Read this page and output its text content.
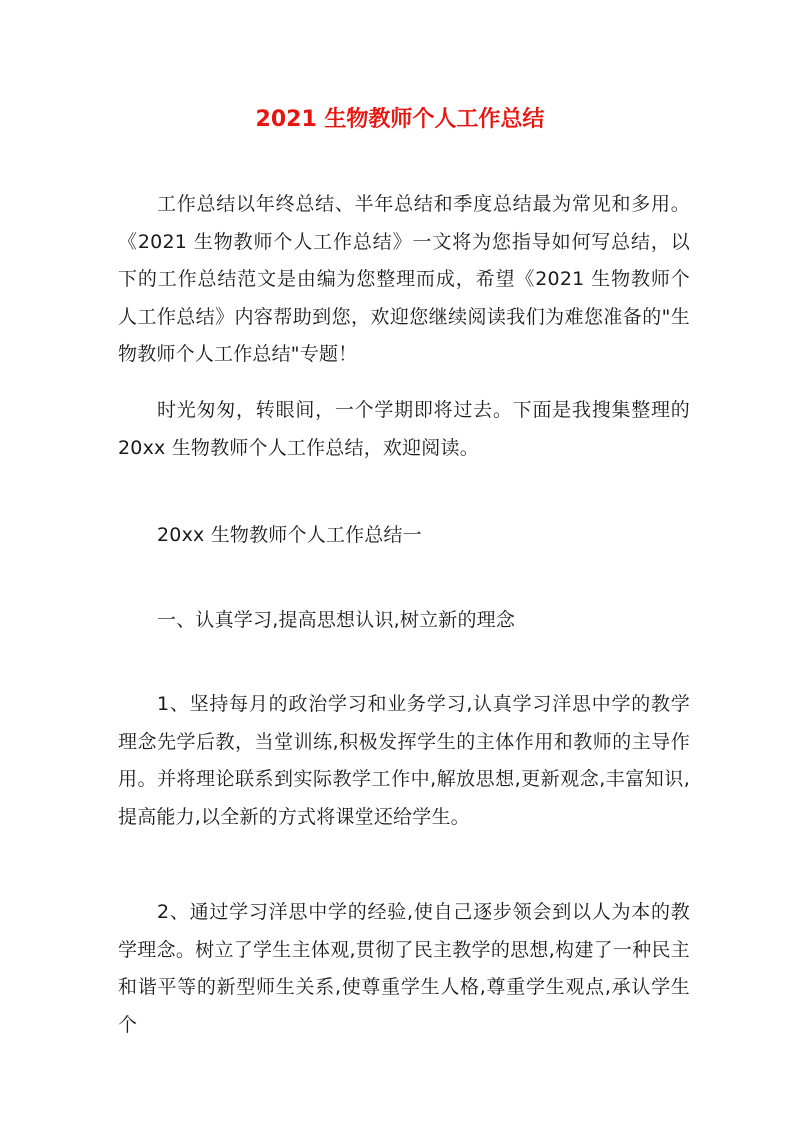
2021 生物教师个人工作总结

工作总结以年终总结、半年总结和季度总结最为常见和多用。《2021 生物教师个人工作总结》一文将为您指导如何写总结，以下的工作总结范文是由编为您整理而成，希望《2021 生物教师个人工作总结》内容帮助到您，欢迎您继续阅读我们为难您准备的"生物教师个人工作总结"专题！

时光匆匆，转眼间，一个学期即将过去。下面是我搜集整理的 20xx 生物教师个人工作总结，欢迎阅读。

20xx 生物教师个人工作总结一

一、认真学习,提高思想认识,树立新的理念

1、坚持每月的政治学习和业务学习,认真学习洋思中学的教学理念先学后教，当堂训练,积极发挥学生的主体作用和教师的主导作用。并将理论联系到实际教学工作中,解放思想,更新观念,丰富知识,提高能力,以全新的方式将课堂还给学生。

2、通过学习洋思中学的经验,使自己逐步领会到以人为本的教学理念。树立了学生主体观,贯彻了民主教学的思想,构建了一种民主和谐平等的新型师生关系,使尊重学生人格,尊重学生观点,承认学生个
